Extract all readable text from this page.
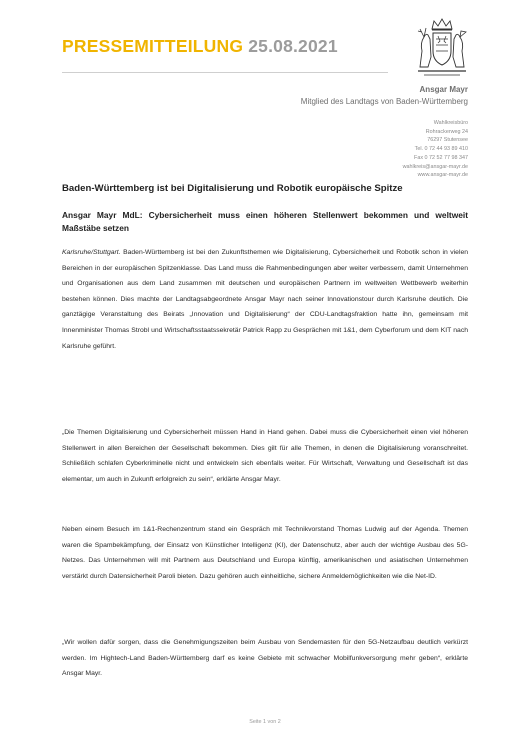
PRESSEMITTEILUNG 25.08.2021
Ansgar Mayr
Mitglied des Landtags von Baden-Württemberg
Wahlkreisbüro
Rohrackerweg 24
76297 Stutensee
Tel. 0 72 44 93 89 410
Fax 0 72 52 77 98 347
wahlkreis@ansgar-mayr.de
www.ansgar-mayr.de
Baden-Württemberg ist bei Digitalisierung und Robotik europäische Spitze
Ansgar Mayr MdL: Cybersicherheit muss einen höheren Stellenwert bekommen und weltweit Maßstäbe setzen
Karlsruhe/Stuttgart. Baden-Württemberg ist bei den Zukunftsthemen wie Digitalisierung, Cybersicherheit und Robotik schon in vielen Bereichen in der europäischen Spitzenklasse. Das Land muss die Rahmenbedingungen aber weiter verbessern, damit Unternehmen und Organisationen aus dem Land zusammen mit deutschen und europäischen Partnern im weltweiten Wettbewerb weiterhin bestehen können. Dies machte der Landtagsabgeordnete Ansgar Mayr nach seiner Innovationstour durch Karlsruhe deutlich. Die ganztägige Veranstaltung des Beirats „Innovation und Digitalisierung“ der CDU-Landtagsfraktion hatte ihn, gemeinsam mit Innenminister Thomas Strobl und Wirtschaftsstaatssekretär Patrick Rapp zu Gesprächen mit 1&1, dem Cyberforum und dem KIT nach Karlsruhe geführt.
„Die Themen Digitalisierung und Cybersicherheit müssen Hand in Hand gehen. Dabei muss die Cybersicherheit einen viel höheren Stellenwert in allen Bereichen der Gesellschaft bekommen. Dies gilt für alle Themen, in denen die Digitalisierung voranschreitet. Schließlich schlafen Cyberkriminelle nicht und entwickeln sich ebenfalls weiter. Für Wirtschaft, Verwaltung und Gesellschaft ist das elementar, um auch in Zukunft erfolgreich zu sein“, erklärte Ansgar Mayr.
Neben einem Besuch im 1&1-Rechenzentrum stand ein Gespräch mit Technikvorstand Thomas Ludwig auf der Agenda. Themen waren die Spambekämpfung, der Einsatz von Künstlicher Intelligenz (KI), der Datenschutz, aber auch der wichtige Ausbau des 5G-Netzes. Das Unternehmen will mit Partnern aus Deutschland und Europa künftig, amerikanischen und asiatischen Unternehmen verstärkt durch Datensicherheit Paroli bieten. Dazu gehören auch einheitliche, sichere Anmeldemöglichkeiten wie die Net-ID.
„Wir wollen dafür sorgen, dass die Genehmigungszeiten beim Ausbau von Sendemasten für den 5G-Netzaufbau deutlich verkürzt werden. Im Hightech-Land Baden-Württemberg darf es keine Gebiete mit schwacher Mobilfunkversorgung mehr geben“, erklärte Ansgar Mayr.
Seite 1 von 2
